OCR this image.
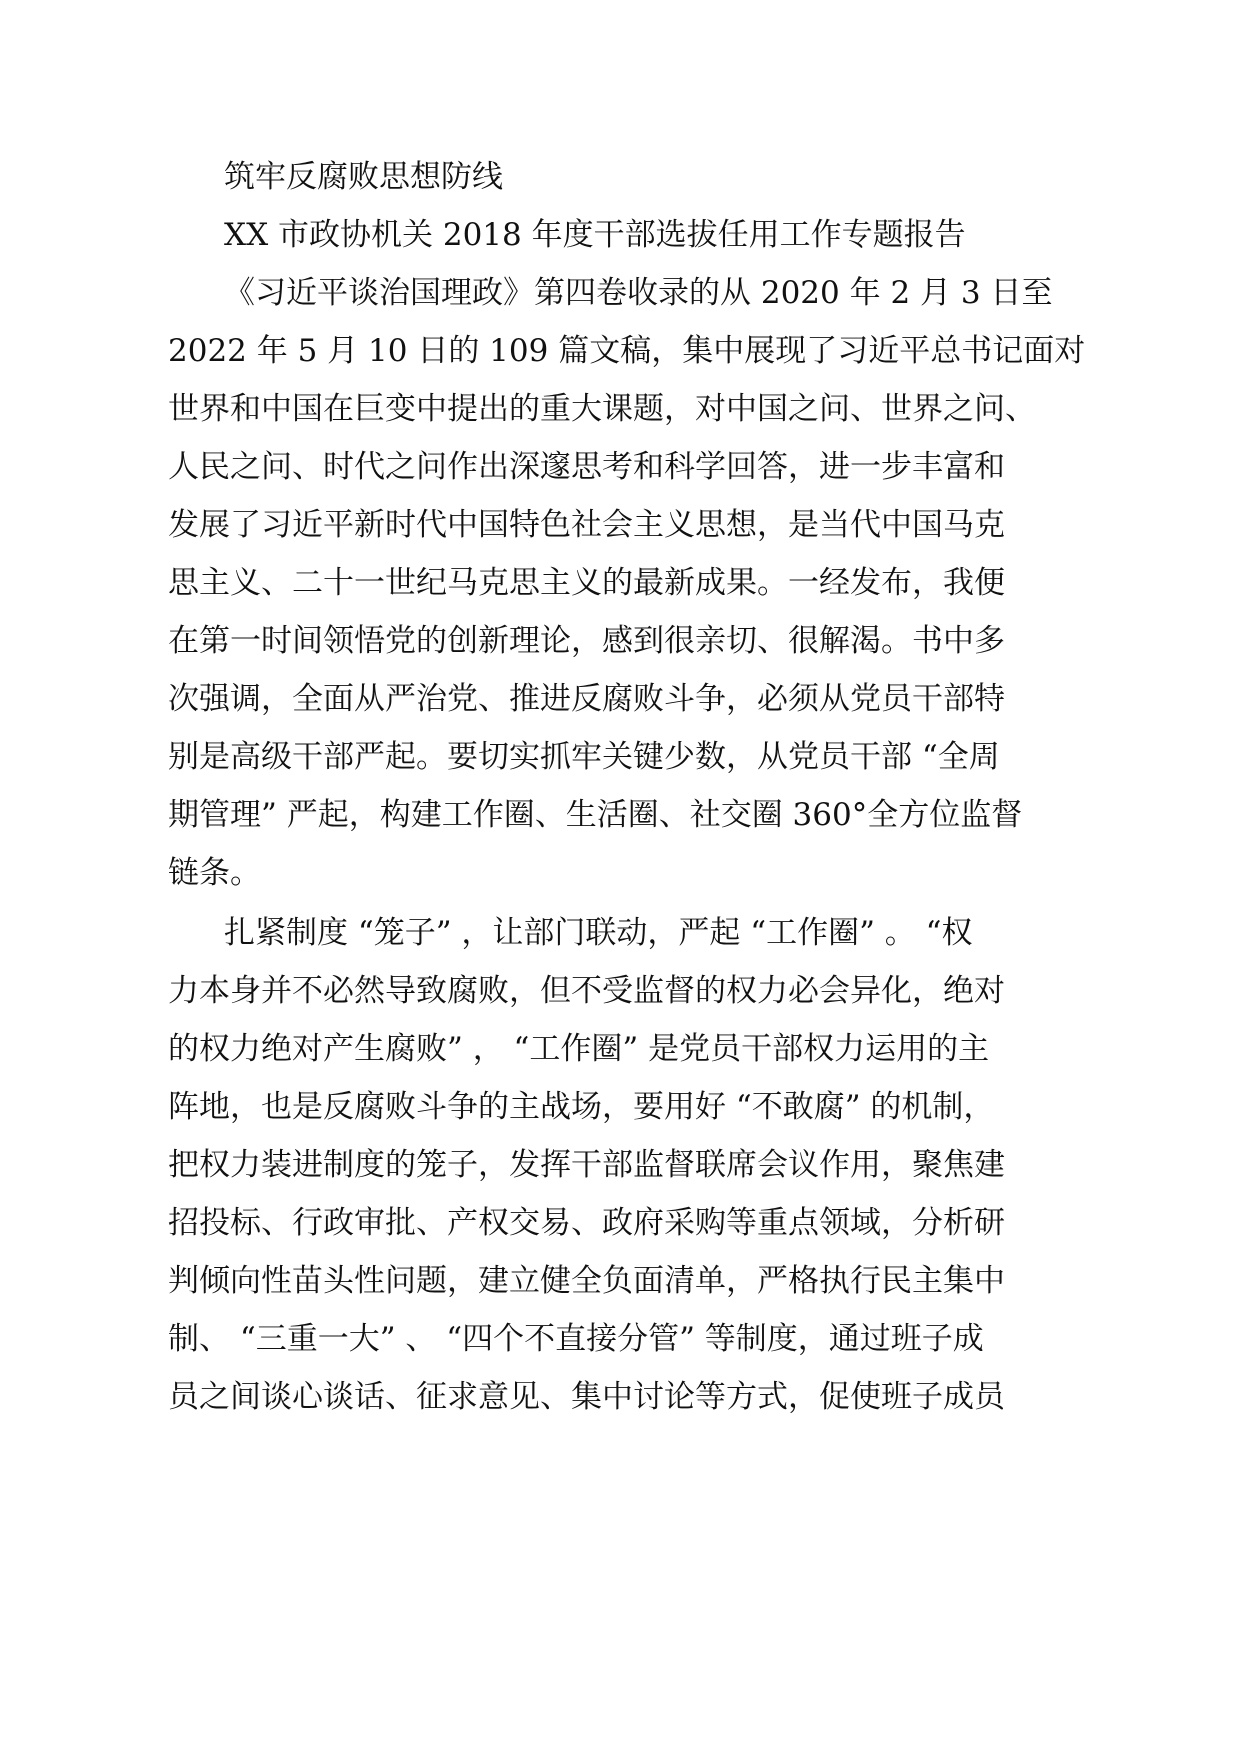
筑牢反腐败思想防线
XX 市政协机关 2018 年度干部选拔任用工作专题报告
《习近平谈治国理政》第四卷收录的从 2020 年 2 月 3 日至
2022 年 5 月 10 日的 109 篇文稿，集中展现了习近平总书记面对
世界和中国在巨变中提出的重大课题，对中国之问、世界之问、
人民之问、时代之问作出深邃思考和科学回答，进一步丰富和
发展了习近平新时代中国特色社会主义思想，是当代中国马克
思主义、二十一世纪马克思主义的最新成果。一经发布，我便
在第一时间领悟党的创新理论，感到很亲切、很解渴。书中多
次强调，全面从严治党、推进反腐败斗争，必须从党员干部特
别是高级干部严起。要切实抓牢关键少数，从党员干部 “全周
期管理” 严起，构建工作圈、生活圈、社交圈 360°全方位监督
链条。
扎紧制度 “笼子” ，让部门联动，严起 “工作圈” 。 “权
力本身并不必然导致腐败，但不受监督的权力必会异化，绝对
的权力绝对产生腐败” ， “工作圈” 是党员干部权力运用的主
阵地，也是反腐败斗争的主战场，要用好 “不敢腐” 的机制，
把权力装进制度的笼子，发挥干部监督联席会议作用，聚焦建
招投标、行政审批、产权交易、政府采购等重点领域，分析研
判倾向性苗头性问题，建立健全负面清单，严格执行民主集中
制、 “三重一大” 、 “四个不直接分管” 等制度，通过班子成
员之间谈心谈话、征求意见、集中讨论等方式，促使班子成员
